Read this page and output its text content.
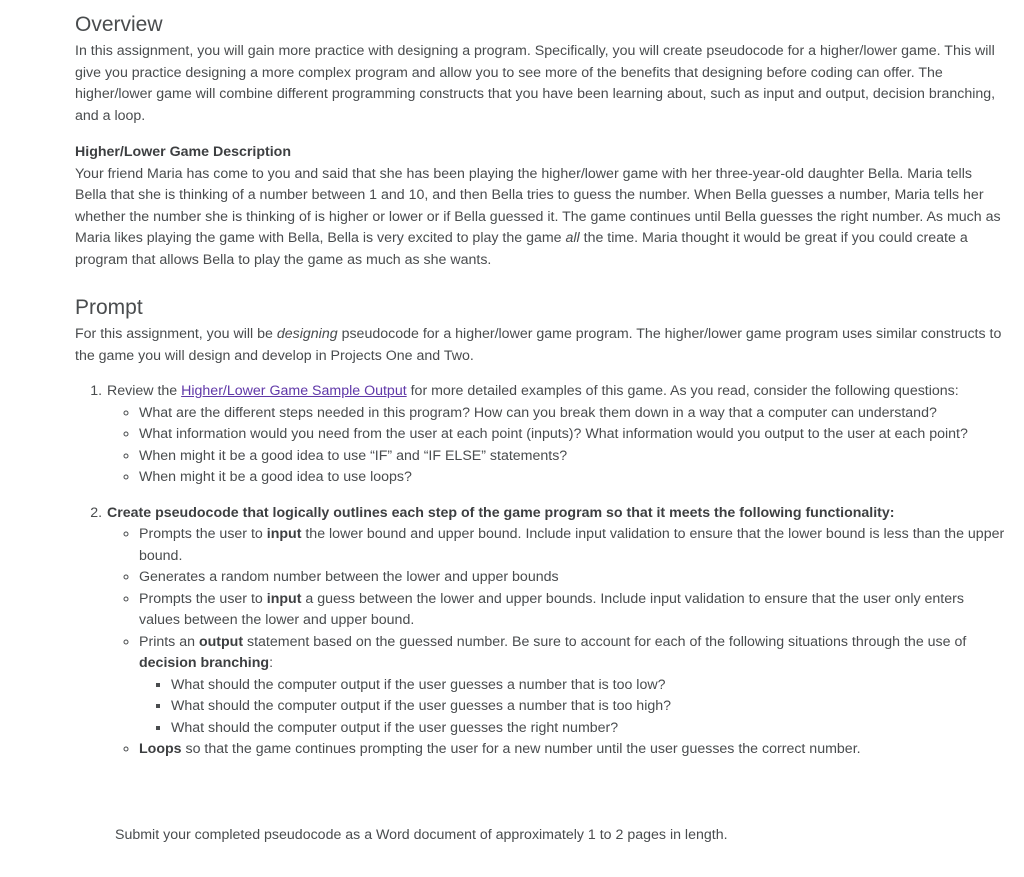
Overview

In this assignment, you will gain more practice with designing a program. Specifically, you will create pseudocode for a higher/lower game. This will give you practice designing a more complex program and allow you to see more of the benefits that designing before coding can offer. The higher/lower game will combine different programming constructs that you have been learning about, such as input and output, decision branching, and a loop.

Higher/Lower Game Description

Your friend Maria has come to you and said that she has been playing the higher/lower game with her three-year-old daughter Bella. Maria tells Bella that she is thinking of a number between 1 and 10, and then Bella tries to guess the number. When Bella guesses a number, Maria tells her whether the number she is thinking of is higher or lower or if Bella guessed it. The game continues until Bella guesses the right number. As much as Maria likes playing the game with Bella, Bella is very excited to play the game all the time. Maria thought it would be great if you could create a program that allows Bella to play the game as much as she wants.

Prompt

For this assignment, you will be designing pseudocode for a higher/lower game program. The higher/lower game program uses similar constructs to the game you will design and develop in Projects One and Two.

1. Review the Higher/Lower Game Sample Output for more detailed examples of this game. As you read, consider the following questions:
◦ What are the different steps needed in this program? How can you break them down in a way that a computer can understand?
◦ What information would you need from the user at each point (inputs)? What information would you output to the user at each point?
◦ When might it be a good idea to use “IF” and “IF ELSE” statements?
◦ When might it be a good idea to use loops?
2. Create pseudocode that logically outlines each step of the game program so that it meets the following functionality:
◦ Prompts the user to input the lower bound and upper bound. Include input validation to ensure that the lower bound is less than the upper bound.
◦ Generates a random number between the lower and upper bounds
◦ Prompts the user to input a guess between the lower and upper bounds. Include input validation to ensure that the user only enters values between the lower and upper bound.
◦ Prints an output statement based on the guessed number. Be sure to account for each of the following situations through the use of decision branching:
▪ What should the computer output if the user guesses a number that is too low?
▪ What should the computer output if the user guesses a number that is too high?
▪ What should the computer output if the user guesses the right number?
◦ Loops so that the game continues prompting the user for a new number until the user guesses the correct number.

Submit your completed pseudocode as a Word document of approximately 1 to 2 pages in length.
